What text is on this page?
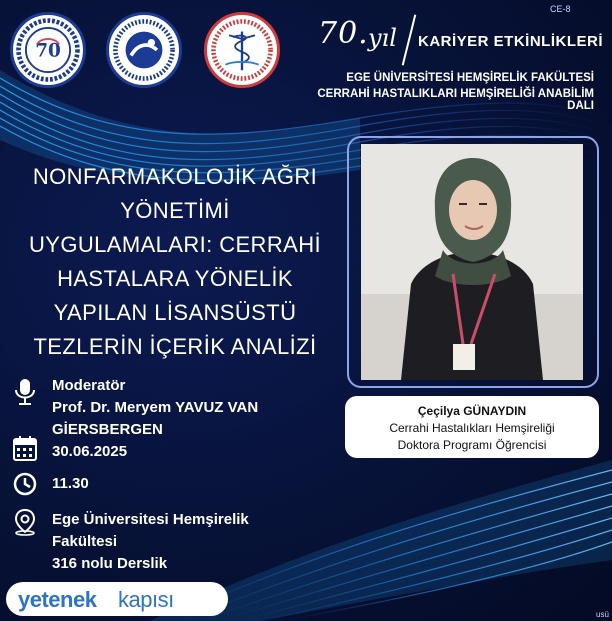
CE-8
70	70. yıl KARİYER ETKİNLİKLERİ
EGE ÜNİVERSİTESİ HEMŞİRELİK FAKÜLTESİ
CERRAHİ HASTALIKLARI HEMŞİRELİĞİ ANABİLİM DALI
NONFARMAKOLOJİK AĞRI
YÖNETİMİ
UYGULAMALARI: CERRAHİ
HASTALARA YÖNELİK
YAPILAN LİSANSÜSTÜ
TEZLERİN İÇERİK ANALİZİ
Çeçilya GÜNAYDIN
Cerrahi Hastalıkları Hemşireliği
Doktora Programı Öğrencisi
Moderatör
Prof. Dr. Meryem YAVUZ VAN
GİERSBERGEN
30.06.2025
11.30
Ege Üniversitesi Hemşirelik
Fakültesi
316 nolu Derslik
yetenek kapısı
usü
